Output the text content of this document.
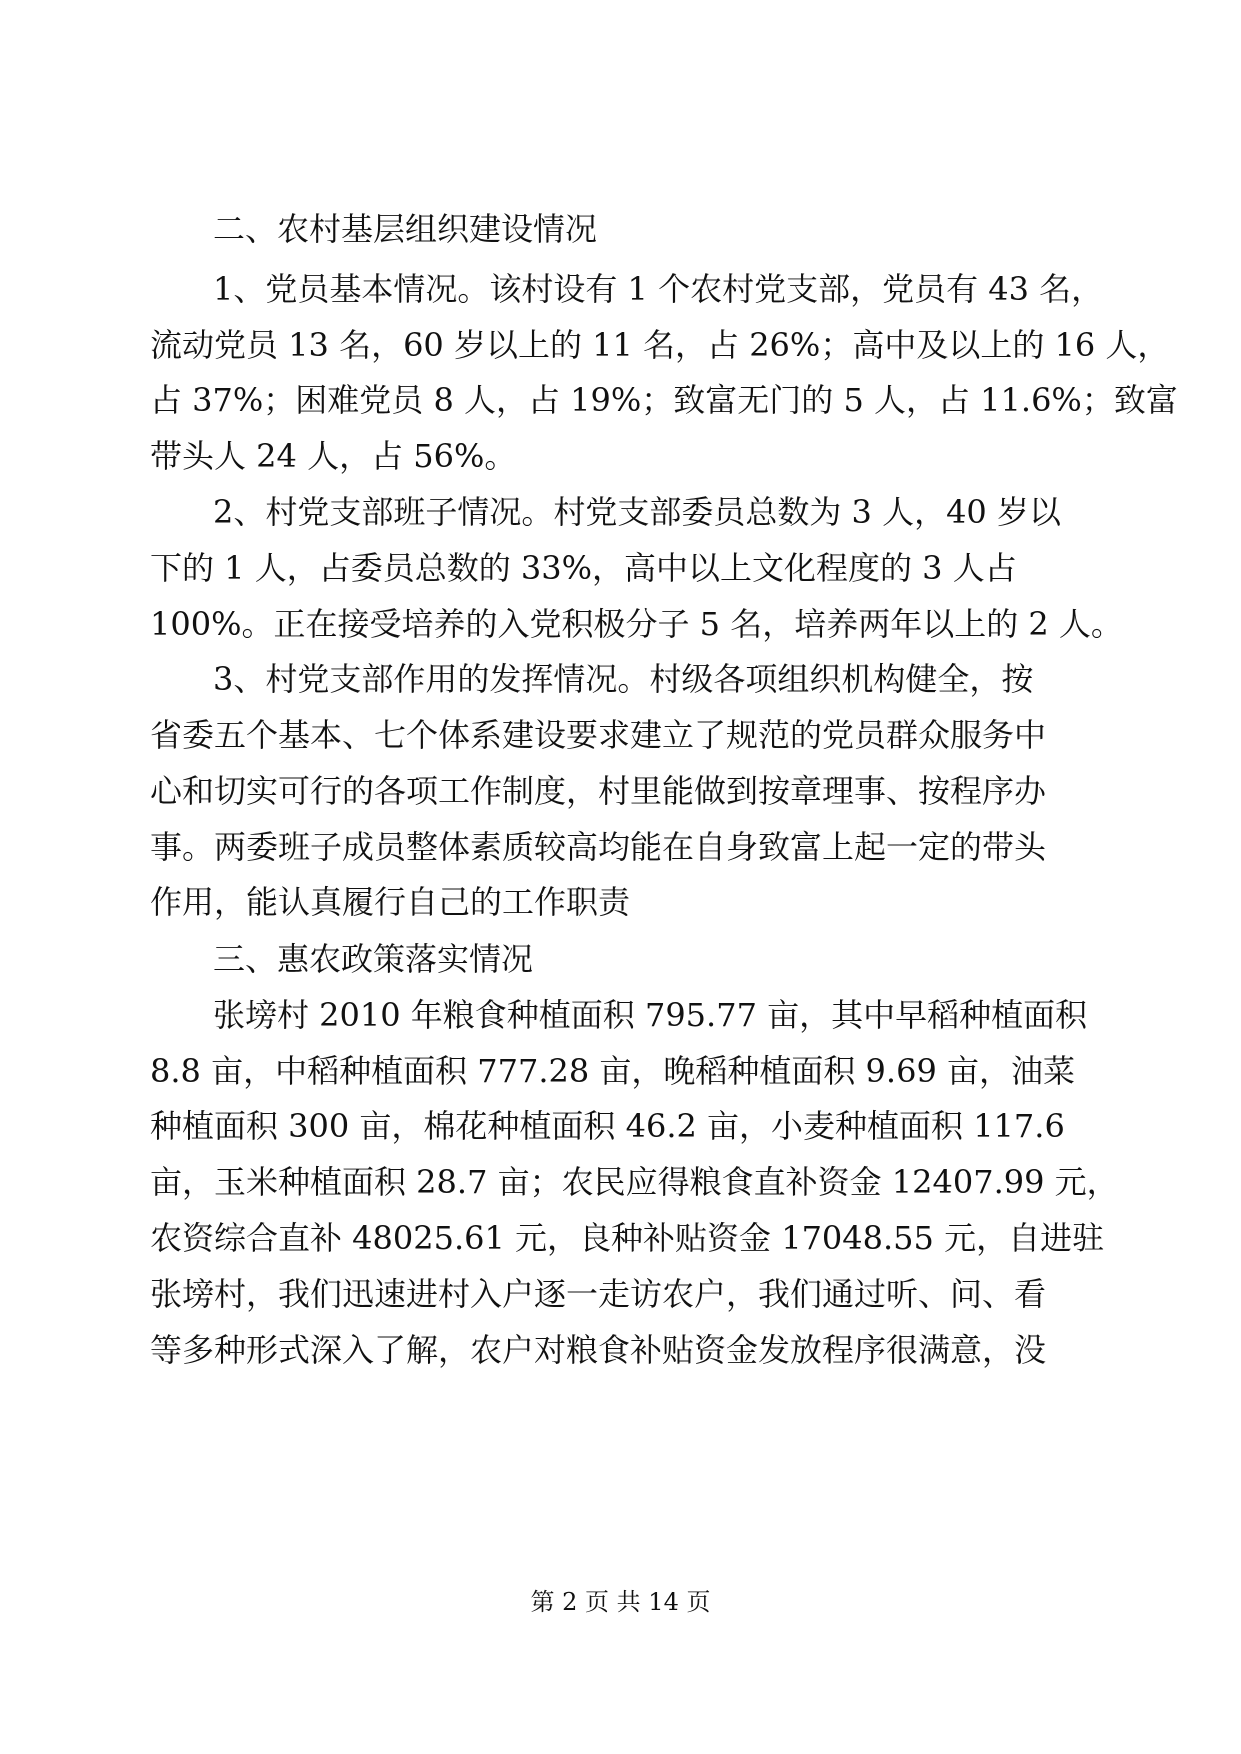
二、农村基层组织建设情况
1、党员基本情况。该村设有 1 个农村党支部，党员有 43 名，
流动党员 13 名，60 岁以上的 11 名，占 26%；高中及以上的 16 人，
占 37%；困难党员 8 人，占 19%；致富无门的 5 人，占 11.6%；致富
带头人 24 人，占 56%。
2、村党支部班子情况。村党支部委员总数为 3 人，40 岁以
下的 1 人，占委员总数的 33%，高中以上文化程度的 3 人占
100%。正在接受培养的入党积极分子 5 名，培养两年以上的 2 人。
3、村党支部作用的发挥情况。村级各项组织机构健全，按
省委五个基本、七个体系建设要求建立了规范的党员群众服务中
心和切实可行的各项工作制度，村里能做到按章理事、按程序办
事。两委班子成员整体素质较高均能在自身致富上起一定的带头
作用，能认真履行自己的工作职责
三、惠农政策落实情况
张塝村 2010 年粮食种植面积 795.77 亩，其中早稻种植面积
8.8 亩，中稻种植面积 777.28 亩，晚稻种植面积 9.69 亩，油菜
种植面积 300 亩，棉花种植面积 46.2 亩，小麦种植面积 117.6
亩，玉米种植面积 28.7 亩；农民应得粮食直补资金 12407.99 元，
农资综合直补 48025.61 元，良种补贴资金 17048.55 元，自进驻
张塝村，我们迅速进村入户逐一走访农户，我们通过听、问、看
等多种形式深入了解，农户对粮食补贴资金发放程序很满意，没
第 2 页 共 14 页
